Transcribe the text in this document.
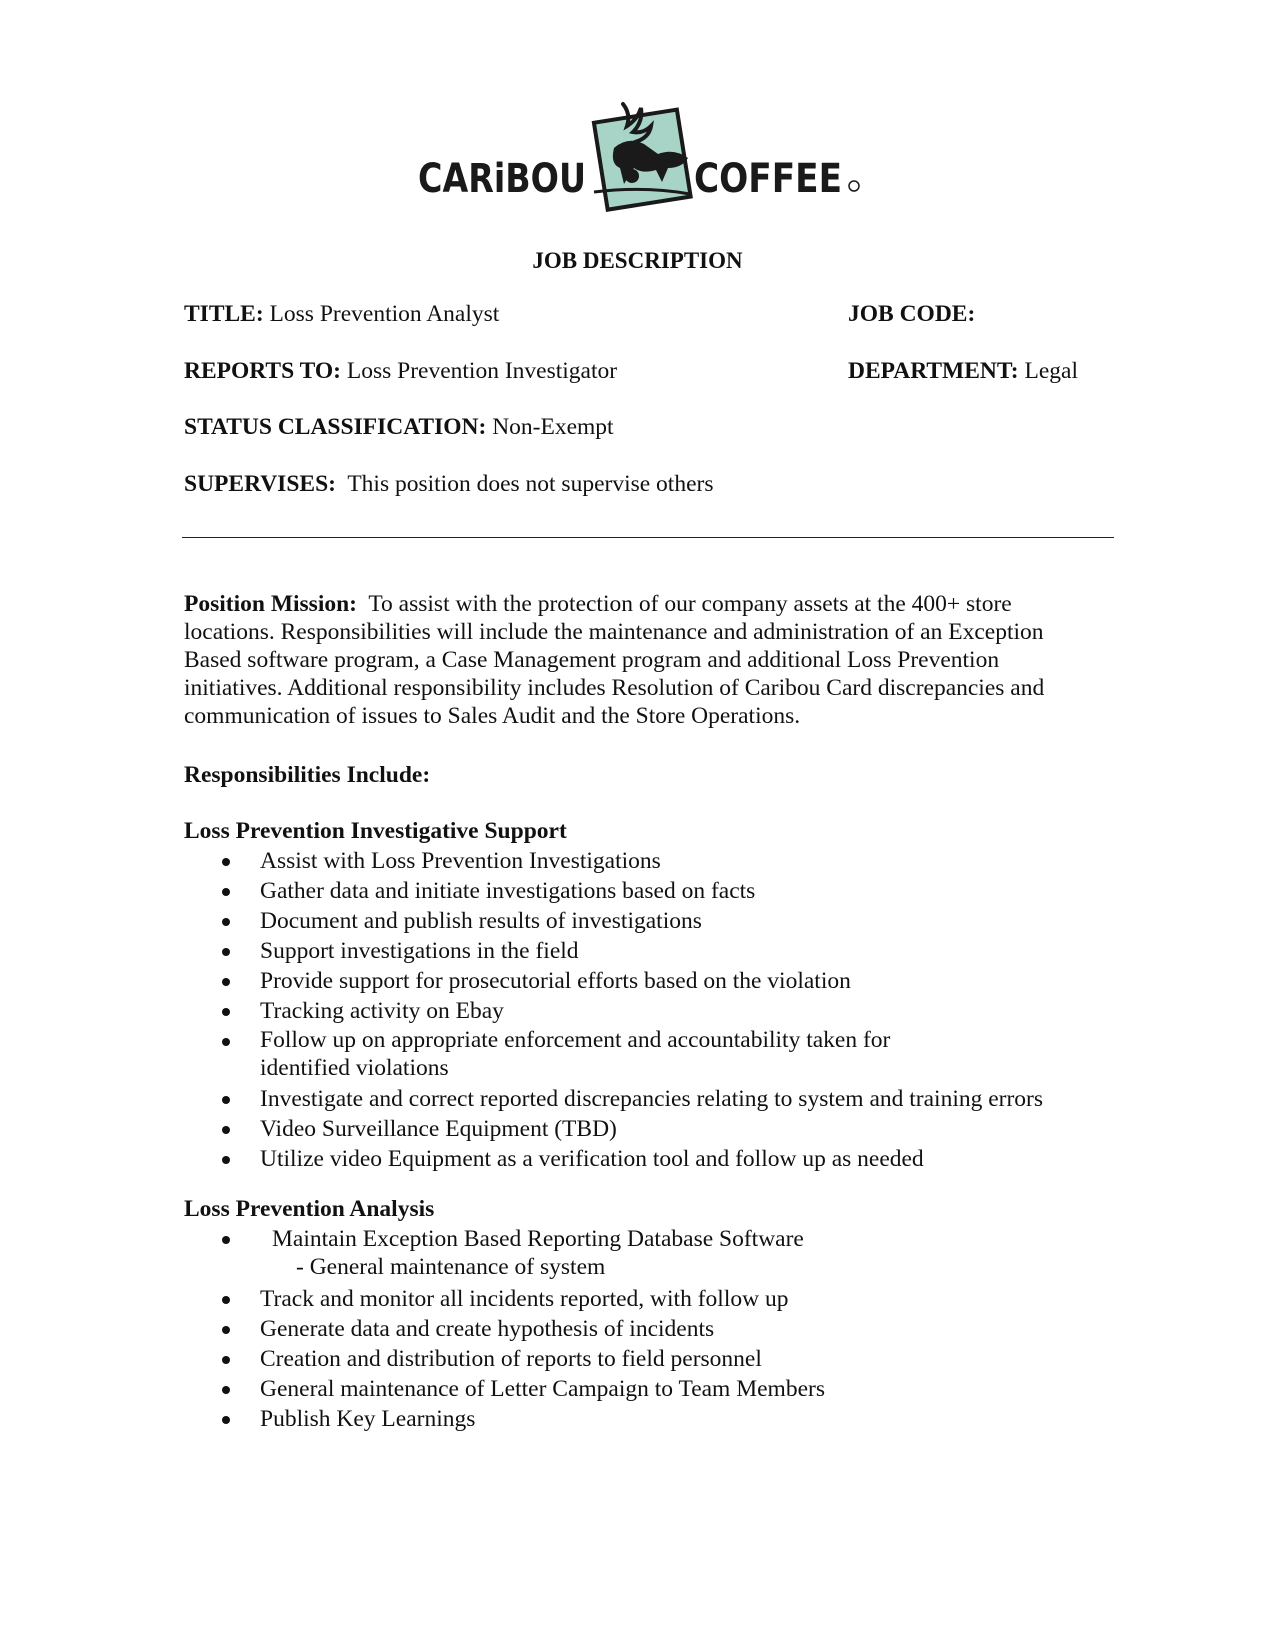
CARiBOU	COFFEE
JOB DESCRIPTION
TITLE: Loss Prevention Analyst	JOB CODE:
REPORTS TO: Loss Prevention Investigator	DEPARTMENT: Legal
STATUS CLASSIFICATION: Non-Exempt
SUPERVISES: This position does not supervise others
Position Mission: To assist with the protection of our company assets at the 400+ store
locations. Responsibilities will include the maintenance and administration of an Exception
Based software program, a Case Management program and additional Loss Prevention
initiatives. Additional responsibility includes Resolution of Caribou Card discrepancies and
communication of issues to Sales Audit and the Store Operations.
Responsibilities Include:
Loss Prevention Investigative Support
Assist with Loss Prevention Investigations
Gather data and initiate investigations based on facts
Document and publish results of investigations
Support investigations in the field
Provide support for prosecutorial efforts based on the violation
Tracking activity on Ebay
Follow up on appropriate enforcement and accountability taken for identified violations
Investigate and correct reported discrepancies relating to system and training errors
Video Surveillance Equipment (TBD)
Utilize video Equipment as a verification tool and follow up as needed
Loss Prevention Analysis
Maintain Exception Based Reporting Database Software
- General maintenance of system
Track and monitor all incidents reported, with follow up
Generate data and create hypothesis of incidents
Creation and distribution of reports to field personnel
General maintenance of Letter Campaign to Team Members
Publish Key Learnings
